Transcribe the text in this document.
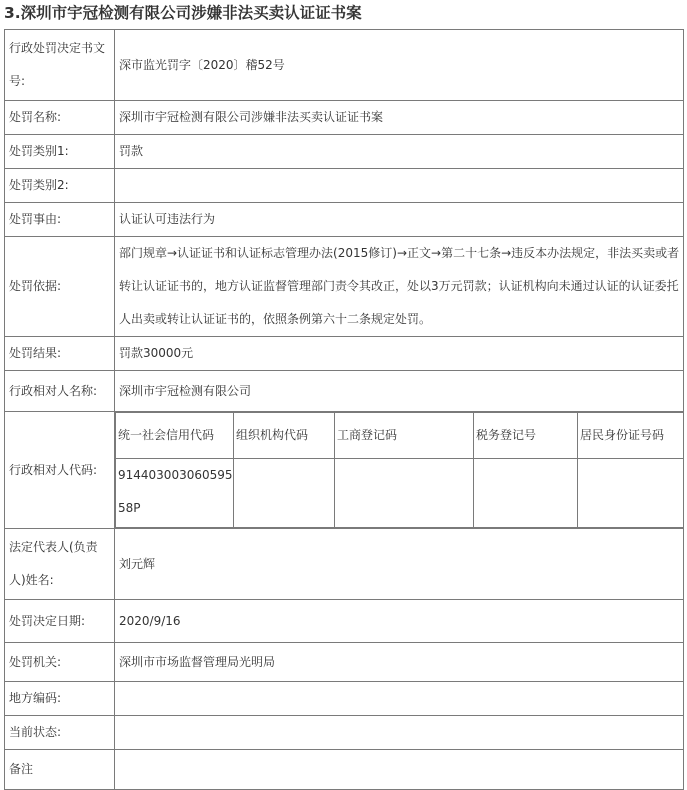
3.深圳市宇冠检测有限公司涉嫌非法买卖认证证书案
行政处罚决定书文号:	深市监光罚字〔2020〕稽52号
处罚名称:	深圳市宇冠检测有限公司涉嫌非法买卖认证证书案
处罚类别1:	罚款
处罚类别2:	
处罚事由:	认证认可违法行为
处罚依据:	部门规章→认证证书和认证标志管理办法(2015修订)→正文→第二十七条→违反本办法规定，非法买卖或者转让认证证书的，地方认证监督管理部门责令其改正，处以3万元罚款；认证机构向未通过认证的认证委托人出卖或转让认证证书的，依照条例第六十二条规定处罚。
处罚结果:	罚款30000元
行政相对人名称:	深圳市宇冠检测有限公司
行政相对人代码:	
统一社会信用代码	组织机构代码	工商登记码	税务登记号	居民身份证号码
91440300306059558P				

法定代表人(负责人)姓名:	刘元辉
处罚决定日期:	2020/9/16
处罚机关:	深圳市市场监督管理局光明局
地方编码:	
当前状态:	
备注	
